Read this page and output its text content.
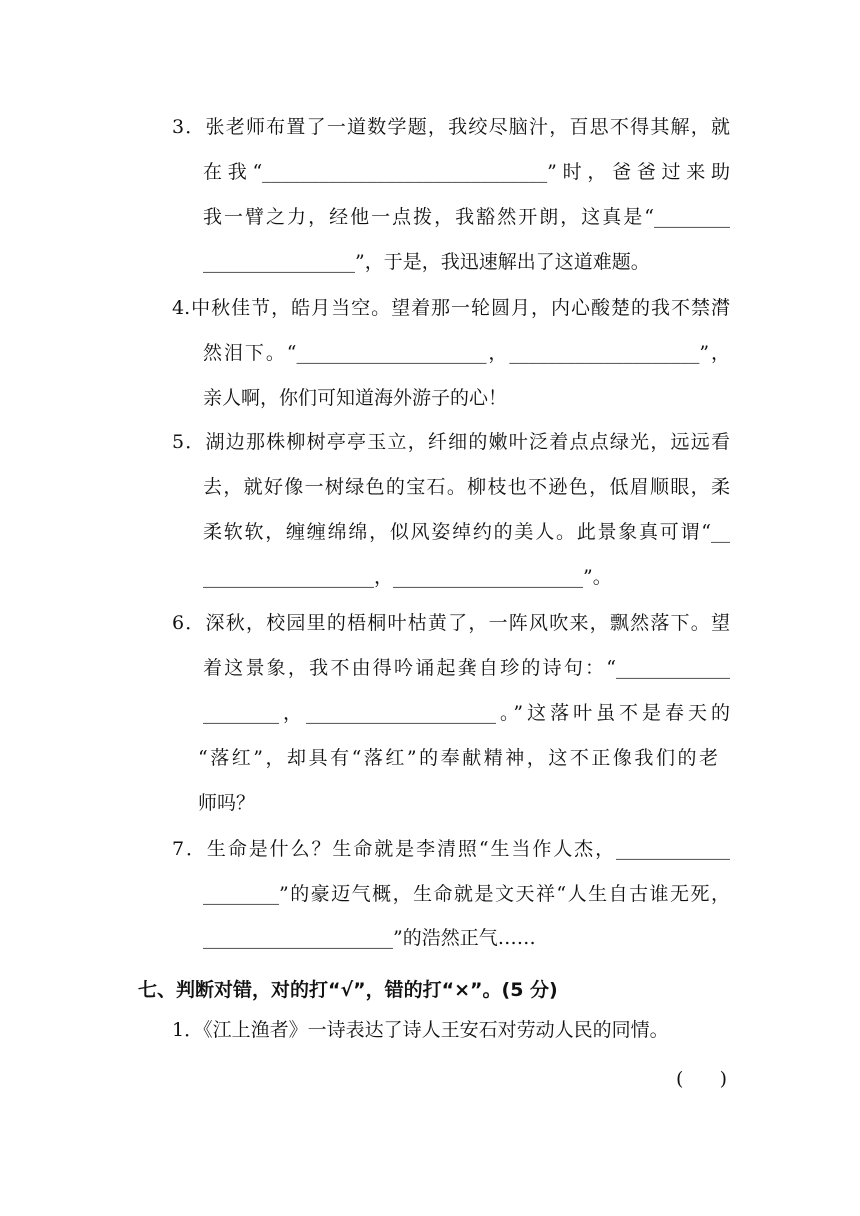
3．张老师布置了一道数学题，我绞尽脑汁，百思不得其解，就
在我“______________________________”时，爸爸过来助
我一臂之力，经他一点拨，我豁然开朗，这真是“________
________________”，于是，我迅速解出了这道难题。
4.中秋佳节，皓月当空。望着那一轮圆月，内心酸楚的我不禁潸
然泪下。“____________________，____________________”，
亲人啊，你们可知道海外游子的心！
5．湖边那株柳树亭亭玉立，纤细的嫩叶泛着点点绿光，远远看
去，就好像一树绿色的宝石。柳枝也不逊色，低眉顺眼，柔
柔软软，缠缠绵绵，似风姿绰约的美人。此景象真可谓“__
__________________，____________________”。
6．深秋，校园里的梧桐叶枯黄了，一阵风吹来，飘然落下。望
着这景象，我不由得吟诵起龚自珍的诗句：“____________
________，____________________。”这落叶虽不是春天的
“落红”，却具有“落红”的奉献精神，这不正像我们的老
师吗？
7．生命是什么？生命就是李清照“生当作人杰，____________
________”的豪迈气概，生命就是文天祥“人生自古谁无死，
____________________”的浩然正气……
七、判断对错，对的打“√”，错的打“×”。(5 分)
1．《江上渔者》一诗表达了诗人王安石对劳动人民的同情。
(      )
